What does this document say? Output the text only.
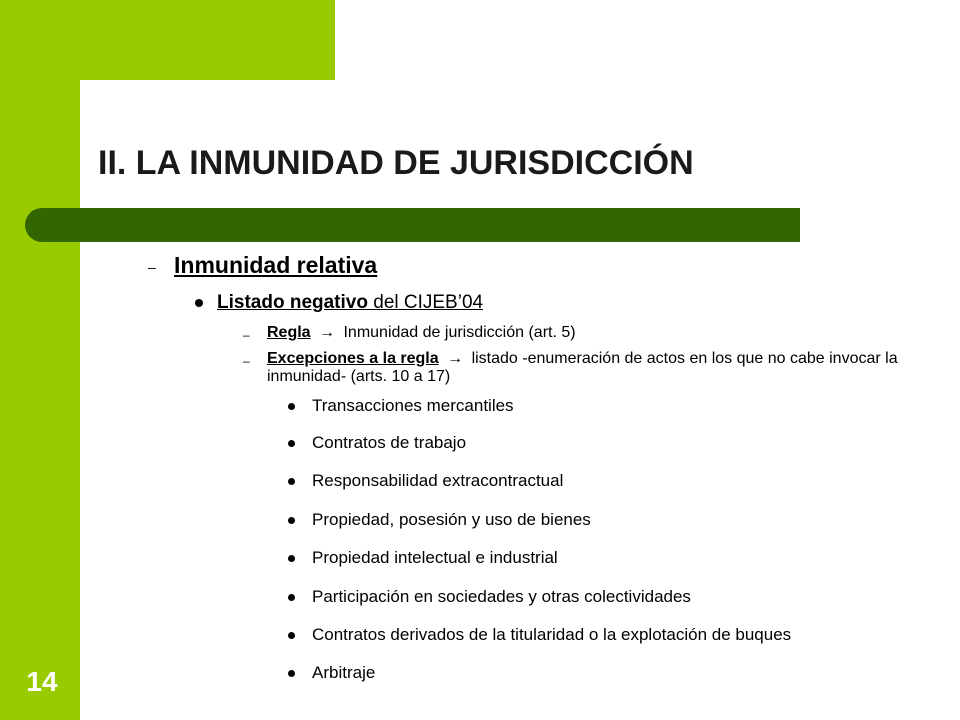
14
II. LA INMUNIDAD DE JURISDICCIÓN
– Inmunidad relativa
Listado negativo del CIJEB’04
– Regla → Inmunidad de jurisdicción (art. 5)
– Excepciones a la regla → listado -enumeración de actos en los que no cabe invocar la inmunidad- (arts. 10 a 17)
Transacciones mercantiles
Contratos de trabajo
Responsabilidad extracontractual
Propiedad, posesión y uso de bienes
Propiedad intelectual e industrial
Participación en sociedades y otras colectividades
Contratos derivados de la titularidad o la explotación de buques
Arbitraje
